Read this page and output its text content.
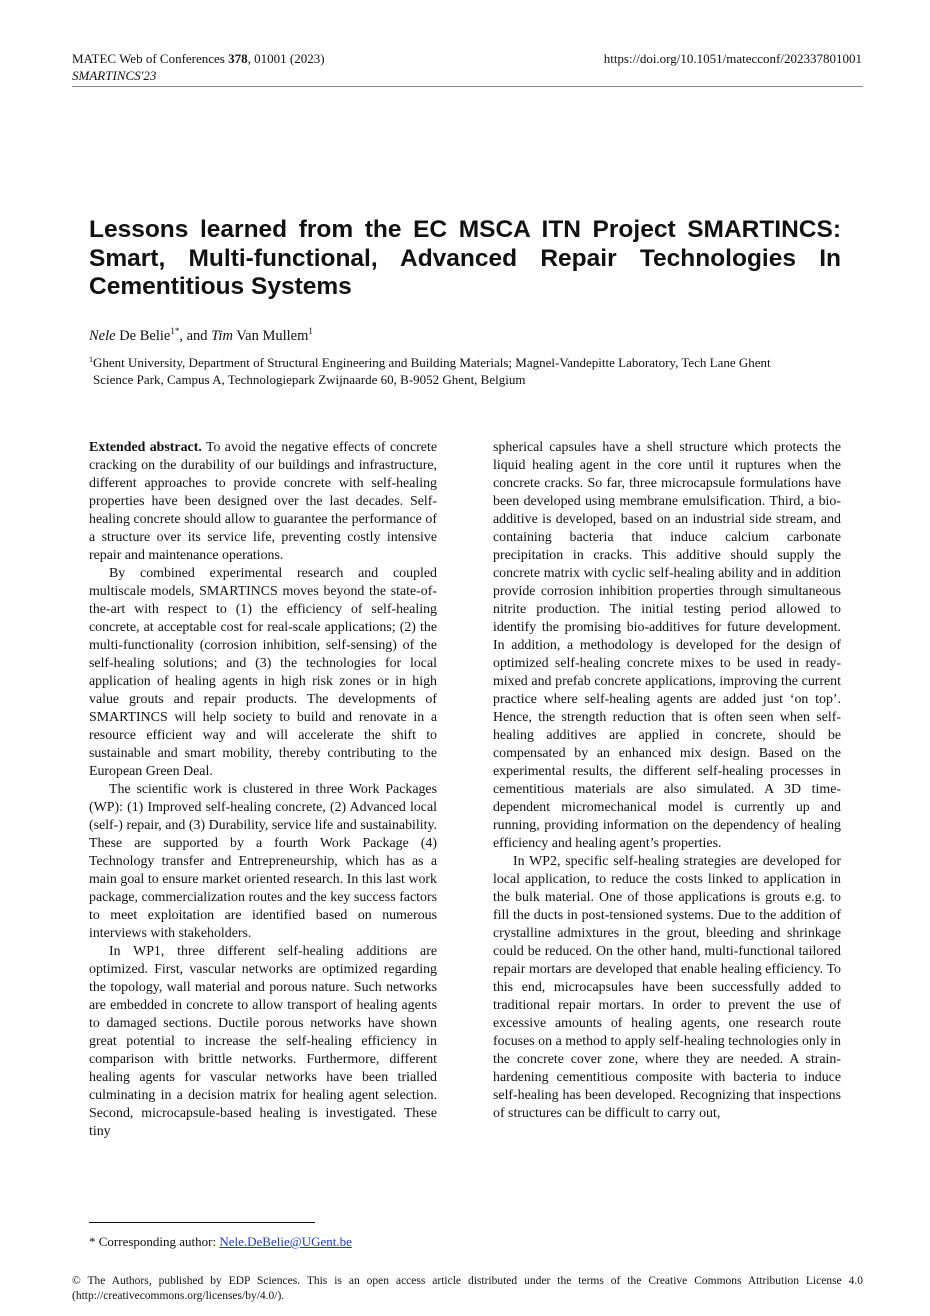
MATEC Web of Conferences 378, 01001 (2023)
SMARTINCS'23
https://doi.org/10.1051/matecconf/202337801001
Lessons learned from the EC MSCA ITN Project SMARTINCS: Smart, Multi-functional, Advanced Repair Technologies In Cementitious Systems
Nele De Belie$^{1*}$, and Tim Van Mullem$^1$
$^1$Ghent University, Department of Structural Engineering and Building Materials; Magnel-Vandepitte Laboratory, Tech Lane Ghent
Science Park, Campus A, Technologiepark Zwijnaarde 60, B-9052 Ghent, Belgium

Extended abstract. To avoid the negative effects of concrete cracking on the durability of our buildings and infrastructure, different approaches to provide concrete with self-healing properties have been designed over the last decades. Self-healing concrete should allow to guarantee the performance of a structure over its service life, preventing costly intensive repair and maintenance operations.

By combined experimental research and coupled multiscale models, SMARTINCS moves beyond the state-of-the-art with respect to (1) the efficiency of self-healing concrete, at acceptable cost for real-scale applications; (2) the multi-functionality (corrosion inhibition, self-sensing) of the self-healing solutions; and (3) the technologies for local application of healing agents in high risk zones or in high value grouts and repair products. The developments of SMARTINCS will help society to build and renovate in a resource efficient way and will accelerate the shift to sustainable and smart mobility, thereby contributing to the European Green Deal.

The scientific work is clustered in three Work Packages (WP): (1) Improved self-healing concrete, (2) Advanced local (self-) repair, and (3) Durability, service life and sustainability. These are supported by a fourth Work Package (4) Technology transfer and Entrepreneurship, which has as a main goal to ensure market oriented research. In this last work package, commercialization routes and the key success factors to meet exploitation are identified based on numerous interviews with stakeholders.

In WP1, three different self-healing additions are optimized. First, vascular networks are optimized regarding the topology, wall material and porous nature. Such networks are embedded in concrete to allow transport of healing agents to damaged sections. Ductile porous networks have shown great potential to increase the self-healing efficiency in comparison with brittle networks. Furthermore, different healing agents for vascular networks have been trialled culminating in a decision matrix for healing agent selection. Second, microcapsule-based healing is investigated. These tiny

spherical capsules have a shell structure which protects the liquid healing agent in the core until it ruptures when the concrete cracks. So far, three microcapsule formulations have been developed using membrane emulsification. Third, a bio-additive is developed, based on an industrial side stream, and containing bacteria that induce calcium carbonate precipitation in cracks. This additive should supply the concrete matrix with cyclic self-healing ability and in addition provide corrosion inhibition properties through simultaneous nitrite production. The initial testing period allowed to identify the promising bio-additives for future development. In addition, a methodology is developed for the design of optimized self-healing concrete mixes to be used in ready-mixed and prefab concrete applications, improving the current practice where self-healing agents are added just ‘on top’. Hence, the strength reduction that is often seen when self-healing additives are applied in concrete, should be compensated by an enhanced mix design. Based on the experimental results, the different self-healing processes in cementitious materials are also simulated. A 3D time-dependent micromechanical model is currently up and running, providing information on the dependency of healing efficiency and healing agent’s properties.

In WP2, specific self-healing strategies are developed for local application, to reduce the costs linked to application in the bulk material. One of those applications is grouts e.g. to fill the ducts in post-tensioned systems. Due to the addition of crystalline admixtures in the grout, bleeding and shrinkage could be reduced. On the other hand, multi-functional tailored repair mortars are developed that enable healing efficiency. To this end, microcapsules have been successfully added to traditional repair mortars. In order to prevent the use of excessive amounts of healing agents, one research route focuses on a method to apply self-healing technologies only in the concrete cover zone, where they are needed. A strain-hardening cementitious composite with bacteria to induce self-healing has been developed. Recognizing that inspections of structures can be difficult to carry out,

* Corresponding author: Nele.DeBelie@UGent.be
© The Authors, published by EDP Sciences. This is an open access article distributed under the terms of the Creative Commons Attribution License 4.0 (http://creativecommons.org/licenses/by/4.0/).
